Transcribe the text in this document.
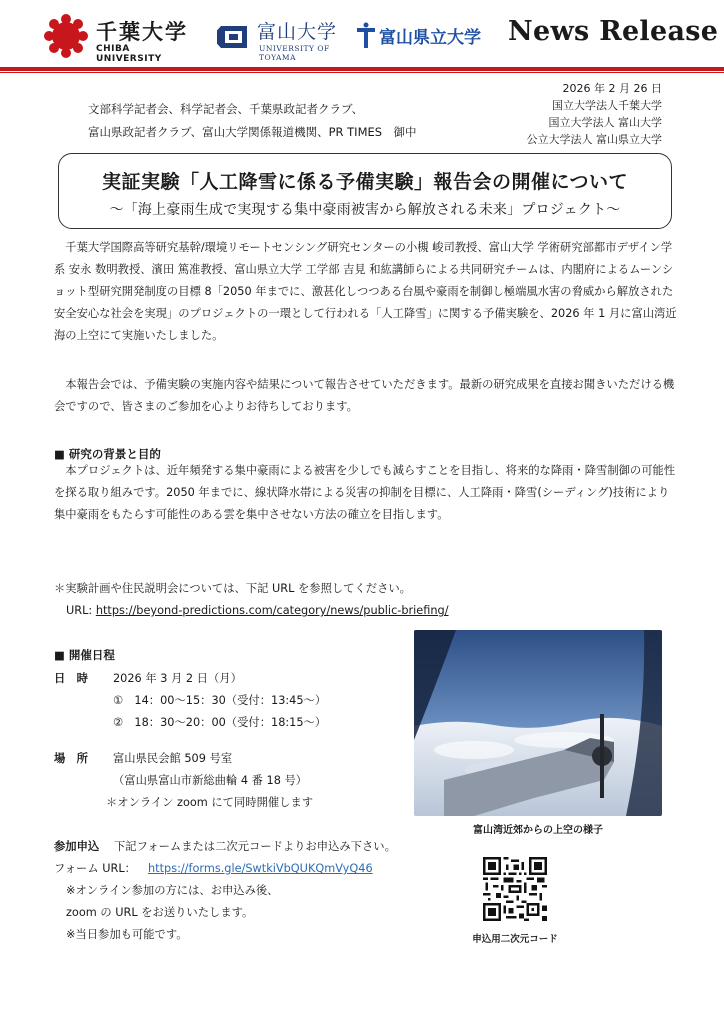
千葉大学
CHIBA UNIVERSITY
富山大学
UNIVERSITY OF TOYAMA
富山県立大学 News Release
文部科学記者会、科学記者会、千葉県政記者クラブ、
富山県政記者クラブ、富山大学関係報道機関、PR TIMES　御中
2026 年 2 月 26 日
国立大学法人千葉大学
国立大学法人 富山大学
公立大学法人 富山県立大学
実証実験「人工降雪に係る予備実験」報告会の開催について
～「海上豪雨生成で実現する集中豪雨被害から解放される未来」プロジェクト～
　千葉大学国際高等研究基幹/環境リモートセンシング研究センターの小槻 峻司教授、富山大学 学術研究部都市デザイン学系 安永 数明教授、濱田 篤准教授、富山県立大学 工学部 吉見 和紘講師らによる共同研究チームは、内閣府によるムーンショット型研究開発制度の目標 8「2050 年までに、激甚化しつつある台風や豪雨を制御し極端風水害の脅威から解放された安全安心な社会を実現」のプロジェクトの一環として行われる「人工降雪」に関する予備実験を、2026 年 1 月に富山湾近海の上空にて実施いたしました。
　本報告会では、予備実験の実施内容や結果について報告させていただきます。最新の研究成果を直接お聞きいただける機会ですので、皆さまのご参加を心よりお待ちしております。
■ 研究の背景と目的
　本プロジェクトは、近年頻発する集中豪雨による被害を少しでも減らすことを目指し、将来的な降雨・降雪制御の可能性を探る取り組みです。2050 年までに、線状降水帯による災害の抑制を目標に、人工降雨・降雪(シーディング)技術により集中豪雨をもたらす可能性のある雲を集中させない方法の確立を目指します。
＊実験計画や住民説明会については、下記 URL を参照してください。
URL: https://beyond-predictions.com/category/news/public-briefing/
■ 開催日程
日　時 2026 年 3 月 2 日（月）
①　14：00～15：30（受付：13:45～）
②　18：30～20：00（受付：18:15～）
場　所 富山県民会館 509 号室
（富山県富山市新総曲輪 4 番 18 号）
＊オンライン zoom にて同時開催します
富山湾近郊からの上空の様子
参加申込 下記フォームまたは二次元コードよりお申込み下さい。
フォーム URL： https://forms.gle/SwtkiVbQUKQmVyQ46
※オンライン参加の方には、お申込み後、
zoom の URL をお送りいたします。
※当日参加も可能です。	申込用二次元コード
